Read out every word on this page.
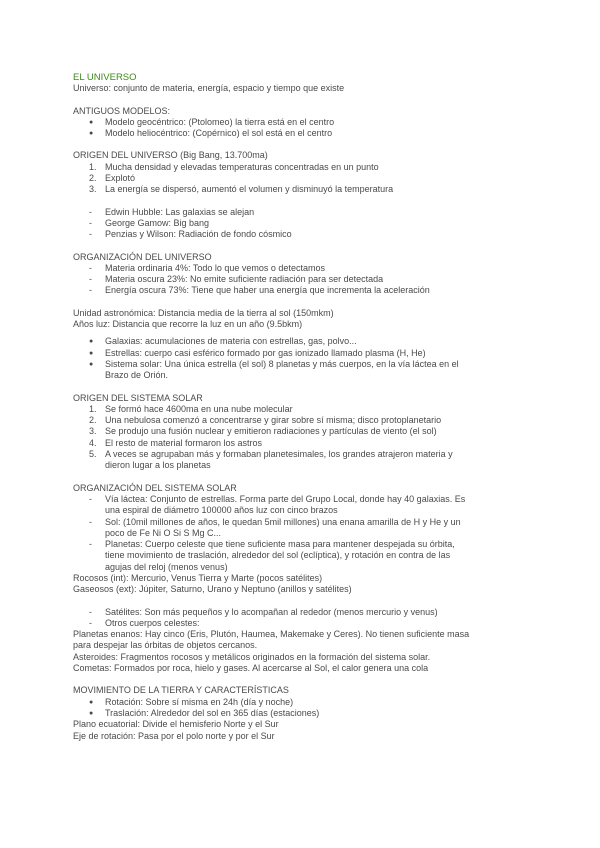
EL UNIVERSO
Universo: conjunto de materia, energía, espacio y tiempo que existe
ANTIGUOS MODELOS:
●	Modelo geocéntrico: (Ptolomeo) la tierra está en el centro
●	Modelo heliocéntrico: (Copérnico) el sol está en el centro
ORIGEN DEL UNIVERSO (Big Bang, 13.700ma)
1. Mucha densidad y elevadas temperaturas concentradas en un punto
2. Explotó
3. La energía se dispersó, aumentó el volumen y disminuyó la temperatura
-	Edwin Hubble: Las galaxias se alejan
-	George Gamow: Big bang
-	Penzias y Wilson: Radiación de fondo cósmico
ORGANIZACIÓN DEL UNIVERSO
-	Materia ordinaria 4%: Todo lo que vemos o detectamos
-	Materia oscura 23%: No emite suficiente radiación para ser detectada
-	Energía oscura 73%: Tiene que haber una energía que incrementa la aceleración
Unidad astronómica: Distancia media de la tierra al sol (150mkm)
Años luz: Distancia que recorre la luz en un año (9.5bkm)
●	Galaxias: acumulaciones de materia con estrellas, gas, polvo...
●	Estrellas: cuerpo casi esférico formado por gas ionizado llamado plasma (H, He)
●	Sistema solar: Una única estrella (el sol) 8 planetas y más cuerpos, en la vía láctea en el
Brazo de Orión.
ORIGEN DEL SISTEMA SOLAR
1. Se formó hace 4600ma en una nube molecular
2. Una nebulosa comenzó a concentrarse y girar sobre sí misma; disco protoplanetario
3. Se produjo una fusión nuclear y emitieron radiaciones y partículas de viento (el sol)
4. El resto de material formaron los astros
5. A veces se agrupaban más y formaban planetesimales, los grandes atrajeron materia y
dieron lugar a los planetas
ORGANIZACIÓN DEL SISTEMA SOLAR
-	Vía láctea: Conjunto de estrellas. Forma parte del Grupo Local, donde hay 40 galaxias. Es
una espiral de diámetro 100000 años luz con cinco brazos
-	Sol: (10mil millones de años, le quedan 5mil millones) una enana amarilla de H y He y un
poco de Fe Ni O Si S Mg C...
-	Planetas: Cuerpo celeste que tiene suficiente masa para mantener despejada su órbita,
tiene movimiento de traslación, alrededor del sol (eclíptica), y rotación en contra de las
agujas del reloj (menos venus)
Rocosos (int): Mercurio, Venus Tierra y Marte (pocos satélites)
Gaseosos (ext): Júpiter, Saturno, Urano y Neptuno (anillos y satélites)
-	Satélites: Son más pequeños y lo acompañan al rededor (menos mercurio y venus)
-	Otros cuerpos celestes:
Planetas enanos: Hay cinco (Eris, Plutón, Haumea, Makemake y Ceres). No tienen suficiente masa
para despejar las órbitas de objetos cercanos.
Asteroides: Fragmentos rocosos y metálicos originados en la formación del sistema solar.
Cometas: Formados por roca, hielo y gases. Al acercarse al Sol, el calor genera una cola
MOVIMIENTO DE LA TIERRA Y CARACTERÍSTICAS
●	Rotación: Sobre sí misma en 24h (día y noche)
●	Traslación: Alrededor del sol en 365 días (estaciones)
Plano ecuatorial: Divide el hemisferio Norte y el Sur
Eje de rotación: Pasa por el polo norte y por el Sur
